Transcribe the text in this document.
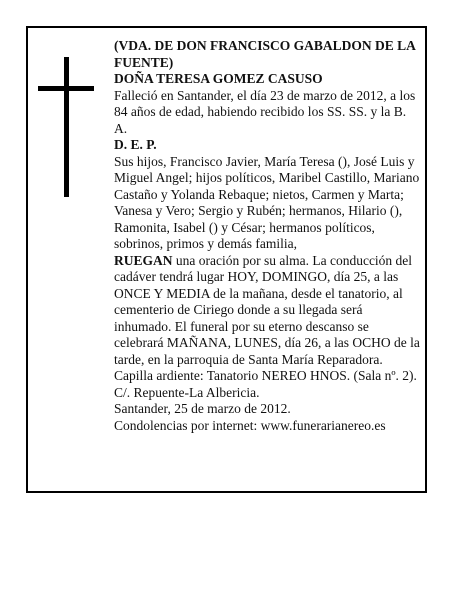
(VDA. DE DON FRANCISCO GABALDON DE LA FUENTE)

DOÑA TERESA GOMEZ CASUSO

Falleció en Santander, el día 23 de marzo de 2012, a los 84 años de edad, habiendo recibido los SS. SS. y la B. A.

D. E. P.

Sus hijos, Francisco Javier, María Teresa (), José Luis y Miguel Angel; hijos políticos, Maribel Castillo, Mariano Castaño y Yolanda Rebaque; nietos, Carmen y Marta; Vanesa y Vero; Sergio y Rubén; hermanos, Hilario (), Ramonita, Isabel () y César; hermanos políticos, sobrinos, primos y demás familia,

RUEGAN una oración por su alma. La conducción del cadáver tendrá lugar HOY, DOMINGO, día 25, a las ONCE Y MEDIA de la mañana, desde el tanatorio, al cementerio de Ciriego donde a su llegada será inhumado. El funeral por su eterno descanso se celebrará MAÑANA, LUNES, día 26, a las OCHO de la tarde, en la parroquia de Santa María Reparadora.

Capilla ardiente: Tanatorio NEREO HNOS. (Sala nº. 2). C/. Repuente-La Albericia.

Santander, 25 de marzo de 2012.

Condolencias por internet: www.funerarianereo.es
